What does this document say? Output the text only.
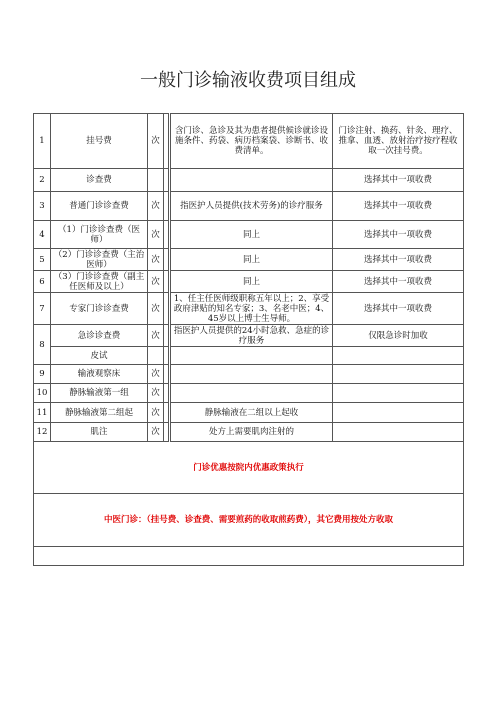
一般门诊输液收费项目组成
1	挂号费	次		含门诊、急诊及其为患者提供候诊就诊设施条件、药袋、病历档案袋、诊断书、收费清单。	门诊注射、换药、针灸、理疗、推拿、血透、放射治疗按疗程收取一次挂号费。
2	诊查费				选择其中一项收费
3	普通门诊诊查费	次		指医护人员提供(技术劳务)的诊疗服务	选择其中一项收费
4	（1）门诊诊查费（医师）	次		同上	选择其中一项收费
5	（2）门诊诊查费（主治医师）	次		同上	选择其中一项收费
6	（3）门诊诊查费（副主任医师及以上）	次		同上	选择其中一项收费
7	专家门诊诊查费	次		1、任主任医师级职称五年以上；2、享受政府津贴的知名专家；3、名老中医；4、45岁以上博士生导师。	选择其中一项收费
8	急诊诊查费	次		指医护人员提供的24小时急救、急症的诊疗服务	仅限急诊时加收
	皮试				
9	输液观察床	次			
10	静脉输液第一组	次			
11	静脉输液第二组起	次		静脉输液在二组以上起收	
12	肌注	次		处方上需要肌肉注射的	
门诊优惠按院内优惠政策执行					
中医门诊：（挂号费、诊查费、需要煎药的收取煎药费），其它费用按处方收取					
